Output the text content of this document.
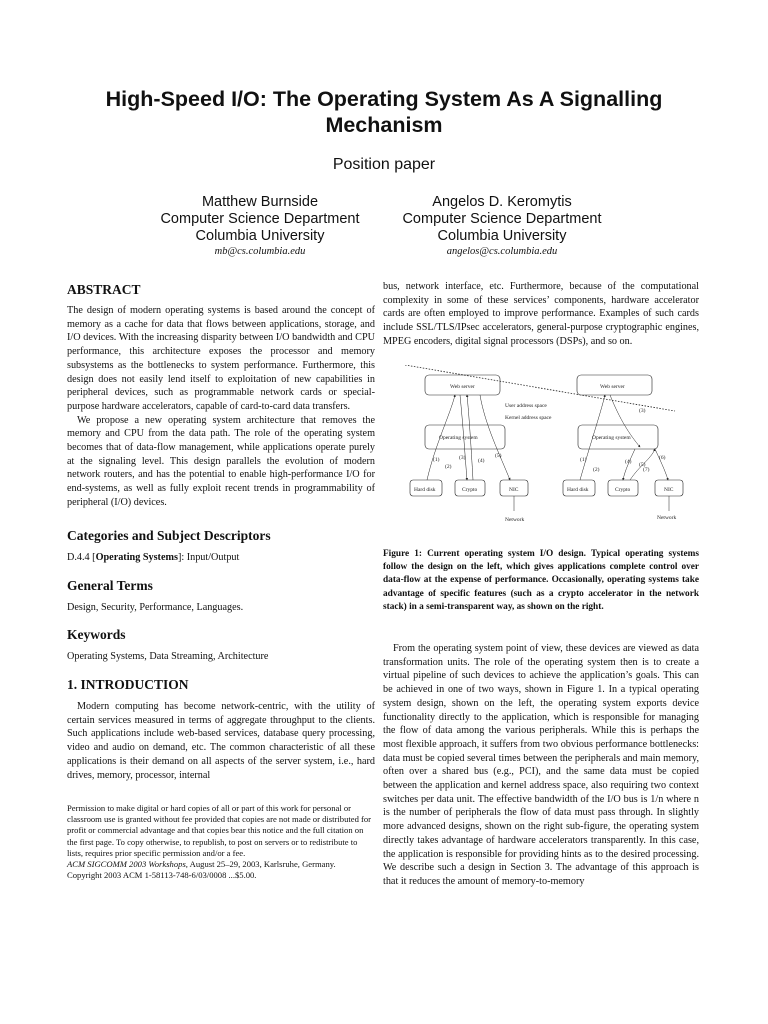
High-Speed I/O: The Operating System As A Signalling Mechanism
Position paper
Matthew Burnside
Computer Science Department
Columbia University
mb@cs.columbia.edu
Angelos D. Keromytis
Computer Science Department
Columbia University
angelos@cs.columbia.edu
ABSTRACT

The design of modern operating systems is based around the concept of memory as a cache for data that flows between applications, storage, and I/O devices. With the increasing disparity between I/O bandwidth and CPU performance, this architecture exposes the processor and memory subsystems as the bottlenecks to system performance. Furthermore, this design does not easily lend itself to exploitation of new capabilities in peripheral devices, such as programmable network cards or special-purpose hardware accelerators, capable of card-to-card data transfers.

We propose a new operating system architecture that removes the memory and CPU from the data path. The role of the operating system becomes that of data-flow management, while applications operate purely at the signaling level. This design parallels the evolution of modern network routers, and has the potential to enable high-performance I/O for end-systems, as well as fully exploit recent trends in programmability of peripheral (I/O) devices.

Categories and Subject Descriptors

D.4.4 [Operating Systems]: Input/Output

General Terms

Design, Security, Performance, Languages.

Keywords

Operating Systems, Data Streaming, Architecture

1. INTRODUCTION

Modern computing has become network-centric, with the utility of certain services measured in terms of aggregate throughput to the clients. Such applications include web-based services, database query processing, video and audio on demand, etc. The common characteristic of all these applications is their demand on all aspects of the server system, i.e., hard drives, memory, processor, internal

Permission to make digital or hard copies of all or part of this work for personal or classroom use is granted without fee provided that copies are not made or distributed for profit or commercial advantage and that copies bear this notice and the full citation on the first page. To copy otherwise, to republish, to post on servers or to redistribute to lists, requires prior specific permission and/or a fee.

ACM SIGCOMM 2003 Workshops, August 25–29, 2003, Karlsruhe, Germany.

Copyright 2003 ACM 1-58113-748-6/03/0008 ...$5.00.

bus, network interface, etc. Furthermore, because of the computational complexity in some of these services’ components, hardware accelerator cards are often employed to improve performance. Examples of such cards include SSL/TLS/IPsec accelerators, general-purpose cryptographic engines, MPEG encoders, digital signal processors (DSPs), and so on.

Web server
User address space
Kernel address space
Operating system
Hard disk	Crypto	NIC
Network
(1)
(2)
(3) (4)
(5)
Web server
Operating system
Hard disk	Crypto	NIC
Network
(1)
(2)
(3)
(4) (5)
(6)
(7)
Figure 1: Current operating system I/O design. Typical operating systems follow the design on the left, which gives applications complete control over data-flow at the expense of performance. Occasionally, operating systems take advantage of specific features (such as a crypto accelerator in the network stack) in a semi-transparent way, as shown on the right.

From the operating system point of view, these devices are viewed as data transformation units. The role of the operating system then is to create a virtual pipeline of such devices to achieve the application’s goals. This can be achieved in one of two ways, shown in Figure 1. In a typical operating system design, shown on the left, the operating system exports device functionality directly to the application, which is responsible for managing the flow of data among the various peripherals. While this is perhaps the most flexible approach, it suffers from two obvious performance bottlenecks: data must be copied several times between the peripherals and main memory, often over a shared bus (e.g., PCI), and the same data must be copied between the application and kernel address space, also requiring two context switches per data unit. The effective bandwidth of the I/O bus is 1/n where n is the number of peripherals the flow of data must pass through. In slightly more advanced designs, shown on the right sub-figure, the operating system directly takes advantage of hardware accelerators transparently. In this case, the application is responsible for providing hints as to the desired processing. We describe such a design in Section 3. The advantage of this approach is that it reduces the amount of memory-to-memory
